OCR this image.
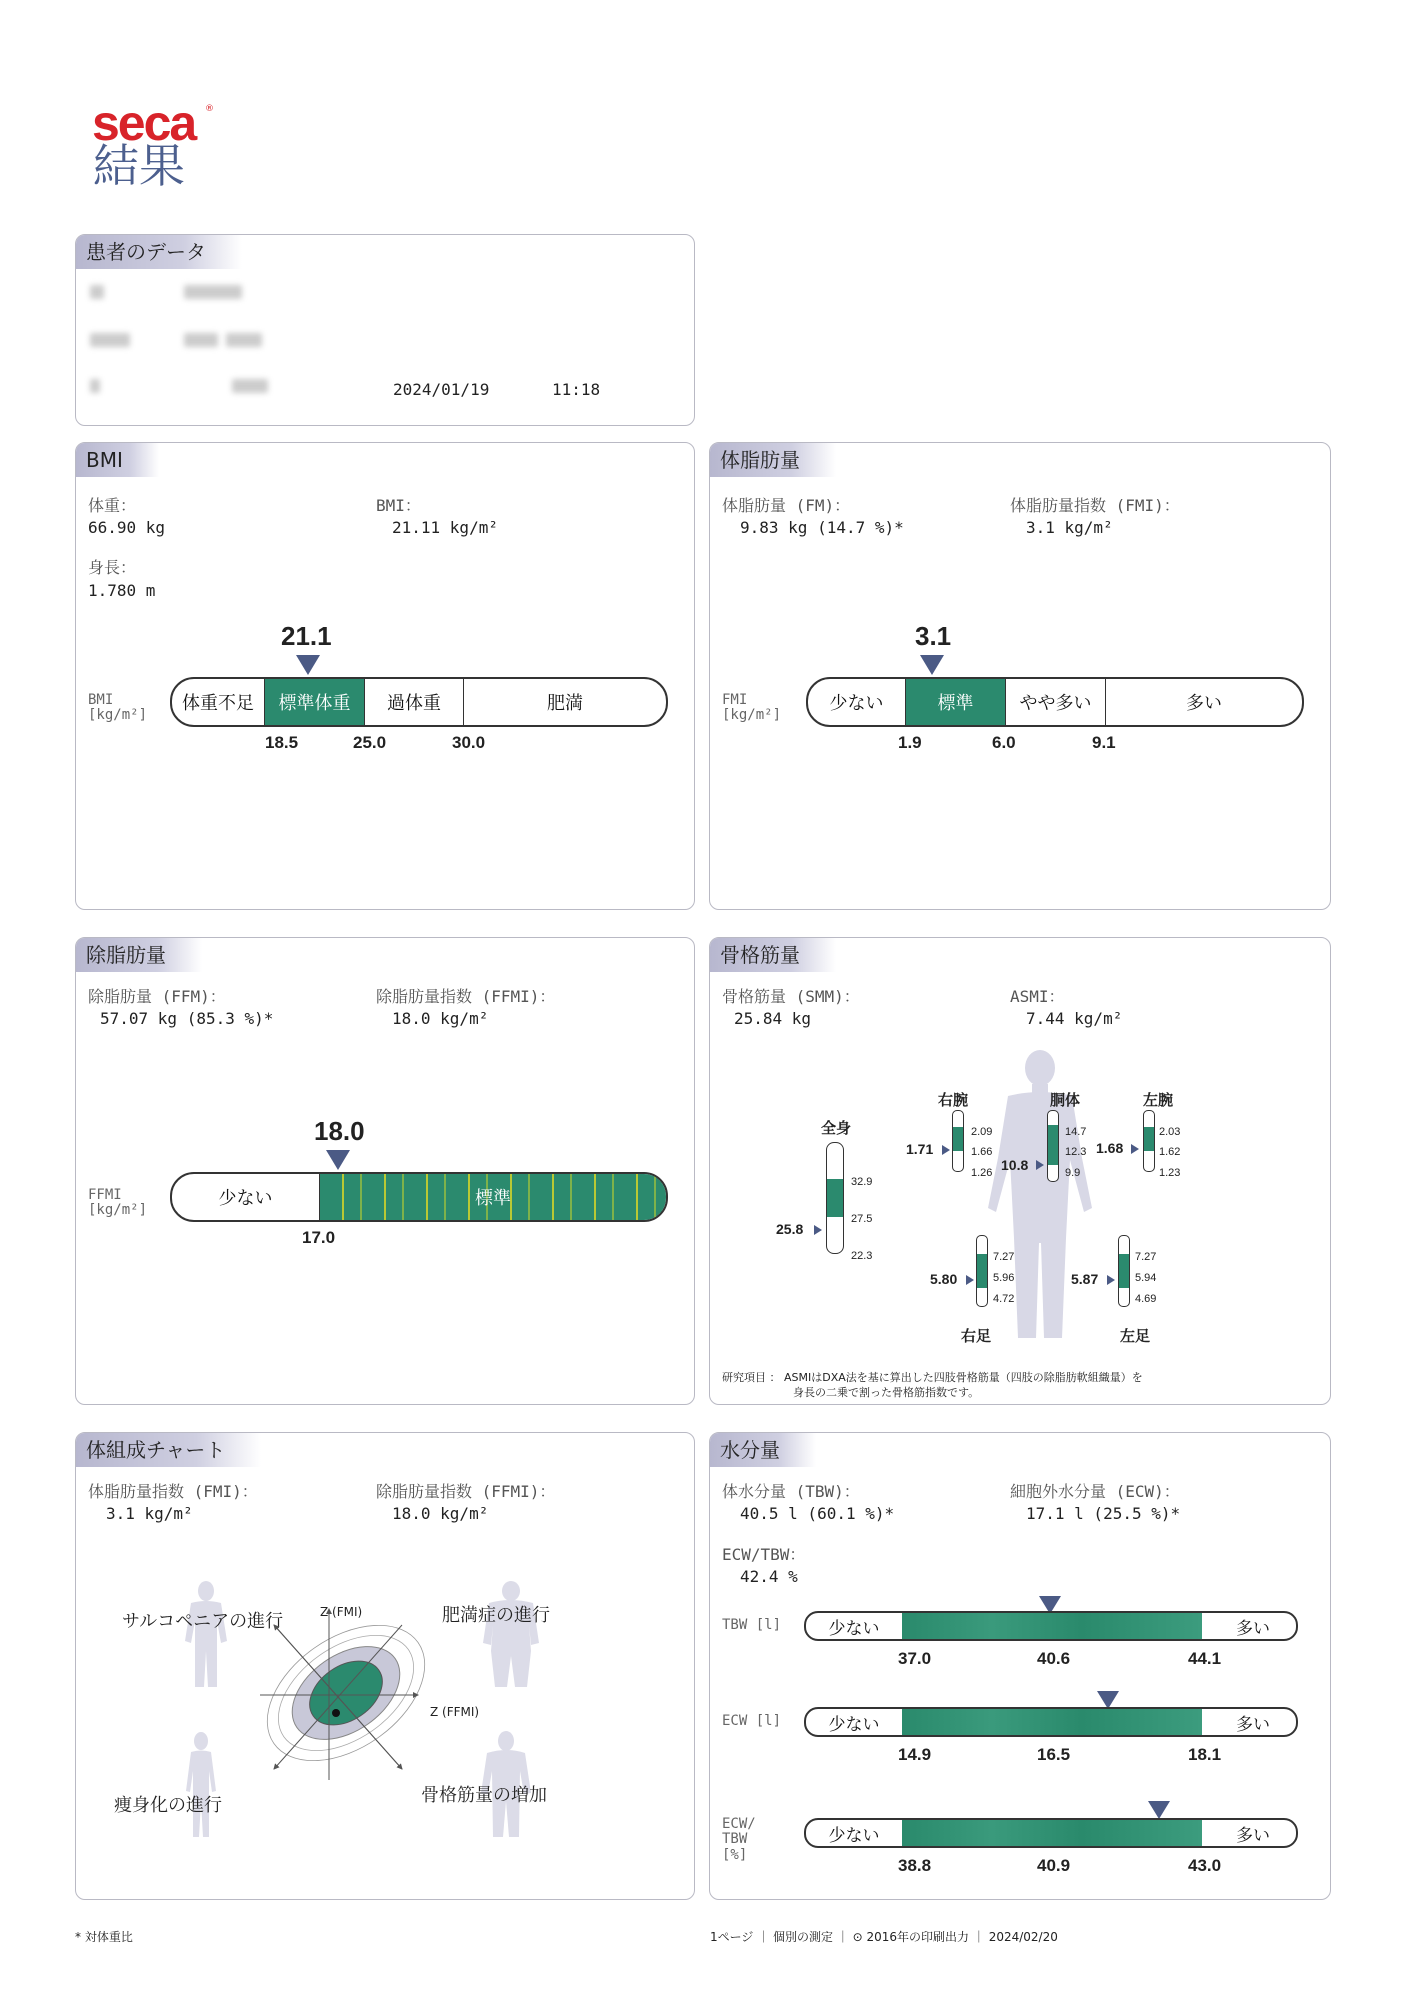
seca ®
結果
患者のデータ
2024/01/19	11:18
BMI
体重：
66.90 kg
BMI：
21.11 kg/m²
身長：
1.780 m
21.1
BMI
[kg/m²]
体重不足	標準体重	過体重	肥満
18.5	25.0	30.0
体脂肪量
体脂肪量 (FM)：
9.83 kg (14.7 %)*
体脂肪量指数 (FMI)：
3.1 kg/m²
3.1
FMI
[kg/m²]
少ない	標準	やや多い	多い
1.9	6.0	9.1
除脂肪量
除脂肪量 (FFM)：
57.07 kg (85.3 %)*
除脂肪量指数 (FFMI)：
18.0 kg/m²
18.0
FFMI
[kg/m²]
少ない	標準
17.0
骨格筋量
骨格筋量 (SMM)：
25.84 kg
ASMI：
7.44 kg/m²
全身
32.9
27.5
22.3
25.8
右腕
2.09
1.66
1.26
1.71
胴体
14.7
12.3
9.9
10.8
左腕
2.03
1.62
1.23
1.68
7.27
5.96
4.72
5.80
右足
7.27
5.94
4.69
5.87
左足
研究項目 ： ASMIはDXA法を基に算出した四肢骨格筋量（四肢の除脂肪軟組織量）を
身長の二乗で割った骨格筋指数です。
体組成チャート
体脂肪量指数 (FMI)：
3.1 kg/m²
除脂肪量指数 (FFMI)：
18.0 kg/m²
サルコペニアの進行	肥満症の進行
痩身化の進行	骨格筋量の増加
Z (FMI)
Z (FFMI)
水分量
体水分量 (TBW)：
40.5 l (60.1 %)*
細胞外水分量 (ECW)：
17.1 l (25.5 %)*
ECW/TBW：
42.4 %
TBW [l]	少ない	多い
37.0	40.6	44.1
ECW [l]	少ない	多い
14.9	16.5	18.1
ECW/ TBW [%]
少ない	多い
38.8	40.9	43.0
* 対体重比	1ページ ｜ 個別の測定 ｜ ⊙ 2016年の印刷出力 ｜ 2024/02/20
